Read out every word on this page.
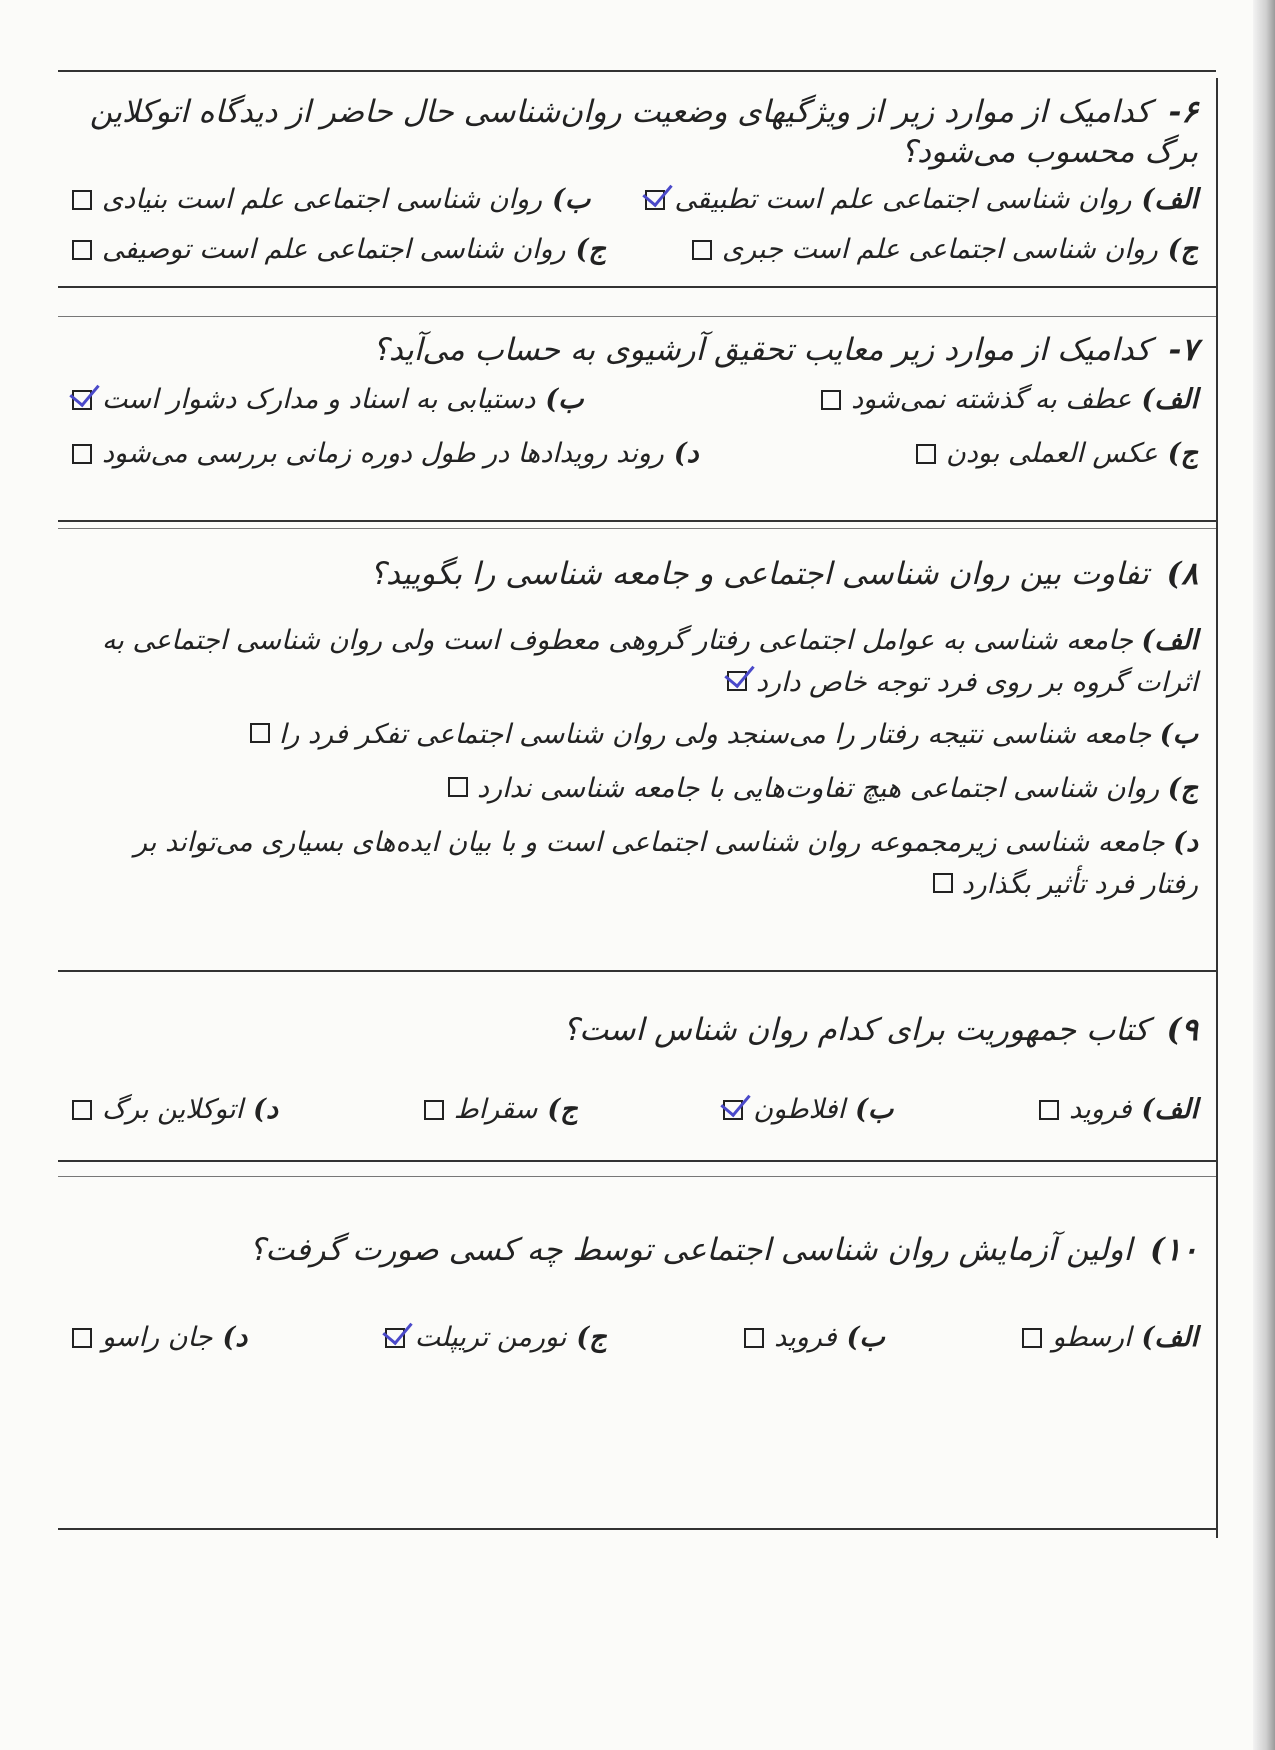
۶- کدامیک از موارد زیر از ویژگیهای وضعیت روان‌شناسی حال حاضر از دیدگاه اتوکلاین برگ محسوب می‌شود؟

الف)
روان شناسی اجتماعی علم است تطبیقی
ب)
روان شناسی اجتماعی علم است بنیادی
ج)
روان شناسی اجتماعی علم است جبری
ج)
روان شناسی اجتماعی علم است توصیفی

۷- کدامیک از موارد زیر معایب تحقیق آرشیوی به حساب می‌آید؟

الف)
عطف به گذشته نمی‌شود
ب)
دستیابی به اسناد و مدارک دشوار است
ج)
عکس العملی بودن
د)
روند رویدادها در طول دوره زمانی بررسی می‌شود

۸) تفاوت بین روان شناسی اجتماعی و جامعه شناسی را بگویید؟

الف) جامعه شناسی به عوامل اجتماعی رفتار گروهی معطوف است ولی روان شناسی اجتماعی به اثرات گروه بر روی فرد توجه خاص دارد
ب) جامعه شناسی نتیجه رفتار را می‌سنجد ولی روان شناسی اجتماعی تفکر فرد را
ج) روان شناسی اجتماعی هیچ تفاوت‌هایی با جامعه شناسی ندارد
د) جامعه شناسی زیرمجموعه روان شناسی اجتماعی است و با بیان ایده‌های بسیاری می‌تواند بر رفتار فرد تأثیر بگذارد

۹) کتاب جمهوریت برای کدام روان شناس است؟

الف)
فروید
ب)
افلاطون
ج)
سقراط
د)
اتوکلاین برگ

۱۰) اولین آزمایش روان شناسی اجتماعی توسط چه کسی صورت گرفت؟

الف)
ارسطو
ب)
فروید
ج)
نورمن تریپلت
د)
جان راسو
